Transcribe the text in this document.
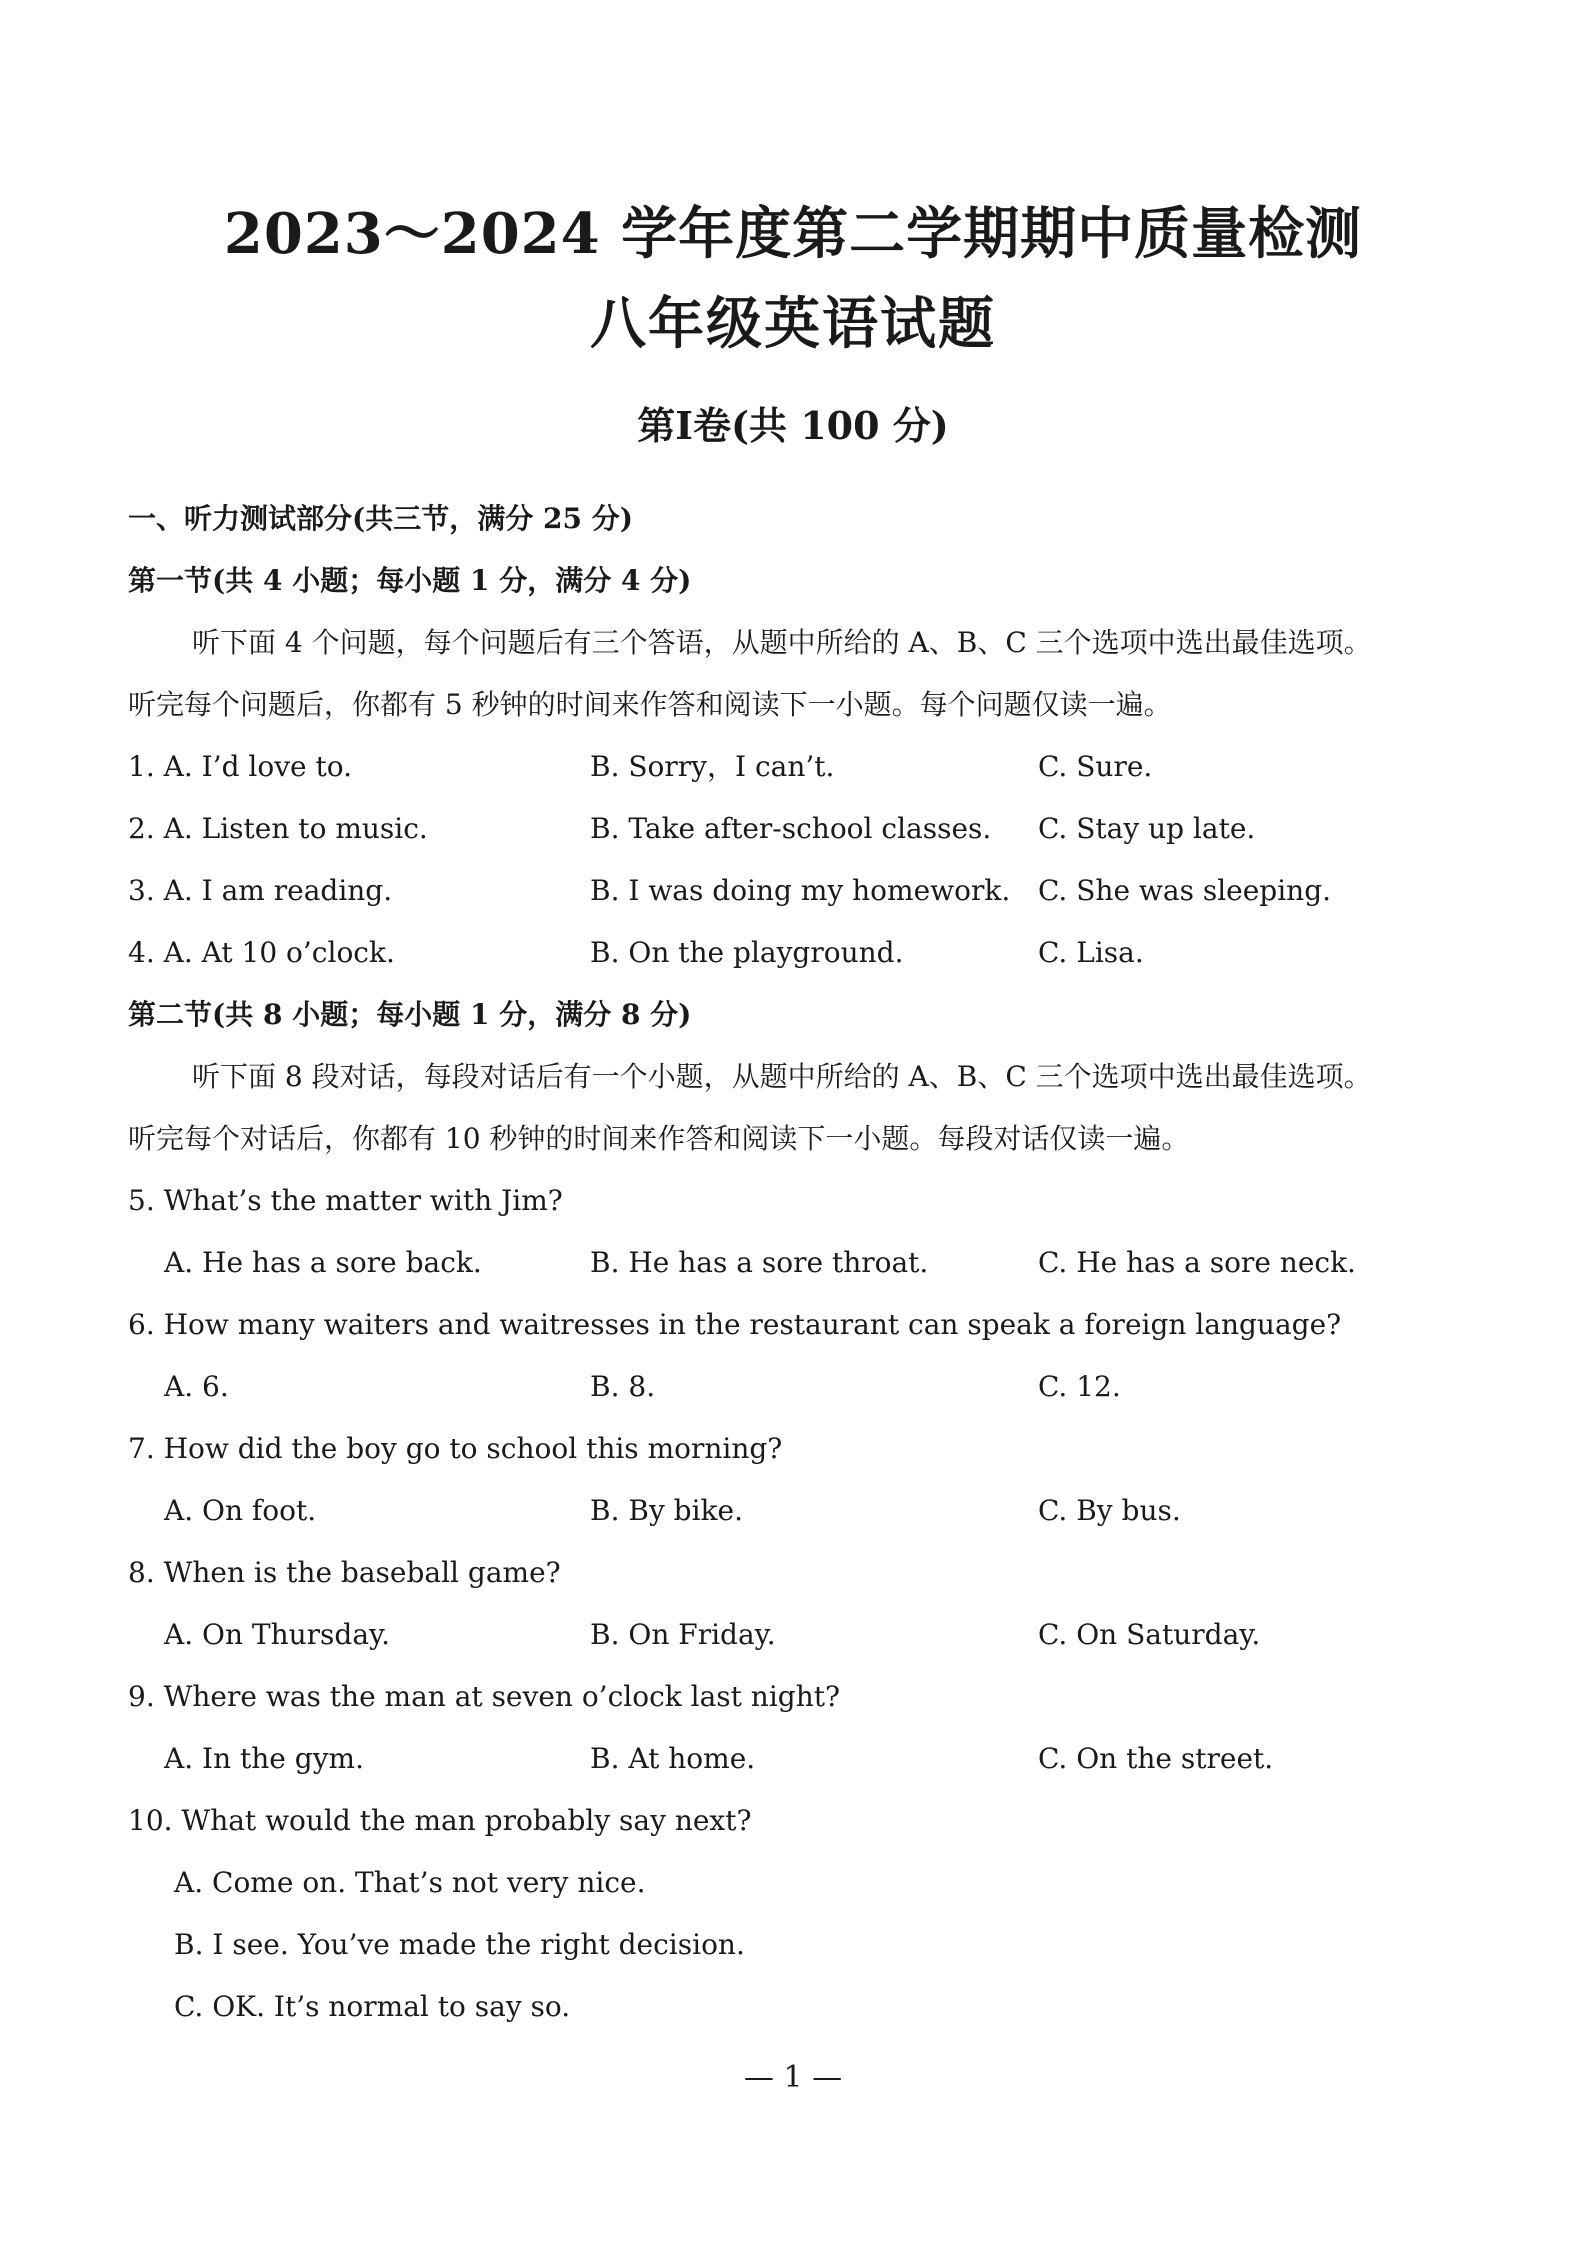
2023～2024 学年度第二学期期中质量检测
八年级英语试题
第Ⅰ卷(共 100 分)
一、听力测试部分(共三节，满分 25 分)
第一节(共 4 小题；每小题 1 分，满分 4 分)
听下面 4 个问题，每个问题后有三个答语，从题中所给的 A、B、C 三个选项中选出最佳选项。
听完每个问题后，你都有 5 秒钟的时间来作答和阅读下一小题。每个问题仅读一遍。
1. A. I’d love to.	B. Sorry，I can’t.	C. Sure.
2. A. Listen to music.	B. Take after-school classes. C. Stay up late.
3. A. I am reading.	B. I was doing my homework. C. She was sleeping.
4. A. At 10 o’clock.	B. On the playground.	C. Lisa.
第二节(共 8 小题；每小题 1 分，满分 8 分)
听下面 8 段对话，每段对话后有一个小题，从题中所给的 A、B、C 三个选项中选出最佳选项。
听完每个对话后，你都有 10 秒钟的时间来作答和阅读下一小题。每段对话仅读一遍。
5. What’s the matter with Jim?
A. He has a sore back.	B. He has a sore throat.	C. He has a sore neck.
6. How many waiters and waitresses in the restaurant can speak a foreign language?
A. 6.	B. 8.	C. 12.
7. How did the boy go to school this morning?
A. On foot.	B. By bike.	C. By bus.
8. When is the baseball game?
A. On Thursday.	B. On Friday.	C. On Saturday.
9. Where was the man at seven o’clock last night?
A. In the gym.	B. At home.	C. On the street.
10. What would the man probably say next?
A. Come on. That’s not very nice.
B. I see. You’ve made the right decision.
C. OK. It’s normal to say so.
— 1 —
